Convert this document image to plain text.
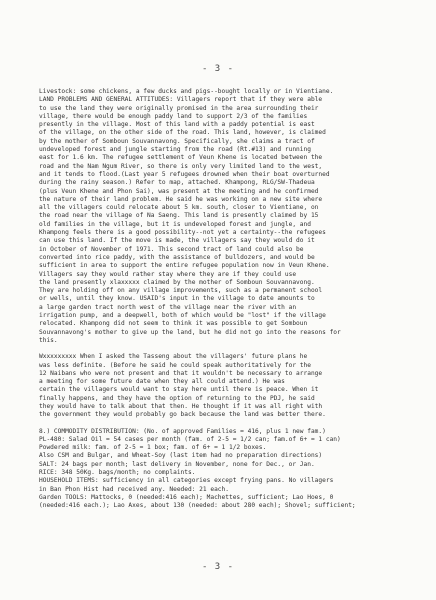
- 3 -
Livestock: some chickens, a few ducks and pigs--bought locally or in Vientiane.
LAND PROBLEMS AND GENERAL ATTITUDES: Villagers report that if they were able
to use the land they were originally promised in the area surrounding their
village, there would be enough paddy land to support 2/3 of the families
presently in the village. Most of this land with a paddy potential is east
of the village, on the other side of the road. This land, however, is claimed
by the mother of Somboun Souvannavong. Specifically, she claims a tract of
undeveloped forest and jungle starting from the road (Rt.#13) and running
east for 1.6 km. The refugee settlement of Veun Khene is located between the
road and the Nam Ngum River, so there is only very limited land to the west,
and it tends to flood.(Last year 5 refugees drowned when their boat overturned
during the rainy season.) Refer to map, attached. Khampong, RLG/SW-Thadeua
(plus Veun Khene and Phon Sai), was present at the meeting and he confirmed
the nature of their land problem. He said he was working on a new site where
all the villagers could relocate about 5 km. south, closer to Vientiane, on
the road near the village of Na Saeng. This land is presently claimed by 15
old families in the village, but it is undeveloped forest and jungle, and
Khampong feels there is a good possibility--not yet a certainty--the refugees
can use this land. If the move is made, the villagers say they would do it
in October of November of 1971. This second tract of land could also be
converted into rice paddy, with the assistance of bulldozers, and would be
sufficient in area to support the entire refugee population now in Veun Khene.
Villagers say they would rather stay where they are if they could use
the land presently xlaxxxxx claimed by the mother of Somboun Souvannavong.
They are holding off on any village improvements, such as a permanent school
or wells, until they know. USAID's input in the village to date amounts to
a large garden tract north west of the village near the river with an
irrigation pump, and a deepwell, both of which would be "lost" if the village
relocated. Khampong did not seem to think it was possible to get Somboun
Souvannavong's mother to give up the land, but he did not go into the reasons for
this.
Wxxxxxxxxx When I asked the Tasseng about the villagers' future plans he
was less definite. (Before he said he could speak authoritatively for the
12 Naibans who were not present and that it wouldn't be necessary to arrange
a meeting for some future date when they all could attend.) He was
certain the villagers would want to stay here until there is peace. When it
finally happens, and they have the option of returning to the PDJ, he said
they would have to talk about that then. He thought if it was all right with
the government they would probably go back because the land was better there.
8.) COMMODITY DISTRIBUTION: (No. of approved Families = 416, plus 1 new fam.)
PL-480: Salad Oil = 54 cases per month (fam. of 2-5 = 1/2 can; fam.of 6+ = 1 can)
Powdered milk: fam. of 2-5 = 1 box; fam. of 6+ = 1 1/2 boxes.
Also CSM and Bulgar, and Wheat-Soy (last item had no preparation directions)
SALT: 24 bags per month; last delivery in November, none for Dec., or Jan.
RICE: 348 50Kg. bags/month; no complaints.
HOUSEHOLD ITEMS: sufficiency in all categories except frying pans. No villagers
in Ban Phon Hist had received any. Needed: 21 each.
Garden TOOLS: Mattocks, 0 (needed:416 each); Machettes, sufficient; Lao Hoes, 0
(needed:416 each.); Lao Axes, about 130 (needed: about 280 each); Shovel; sufficient;
- 3 -
